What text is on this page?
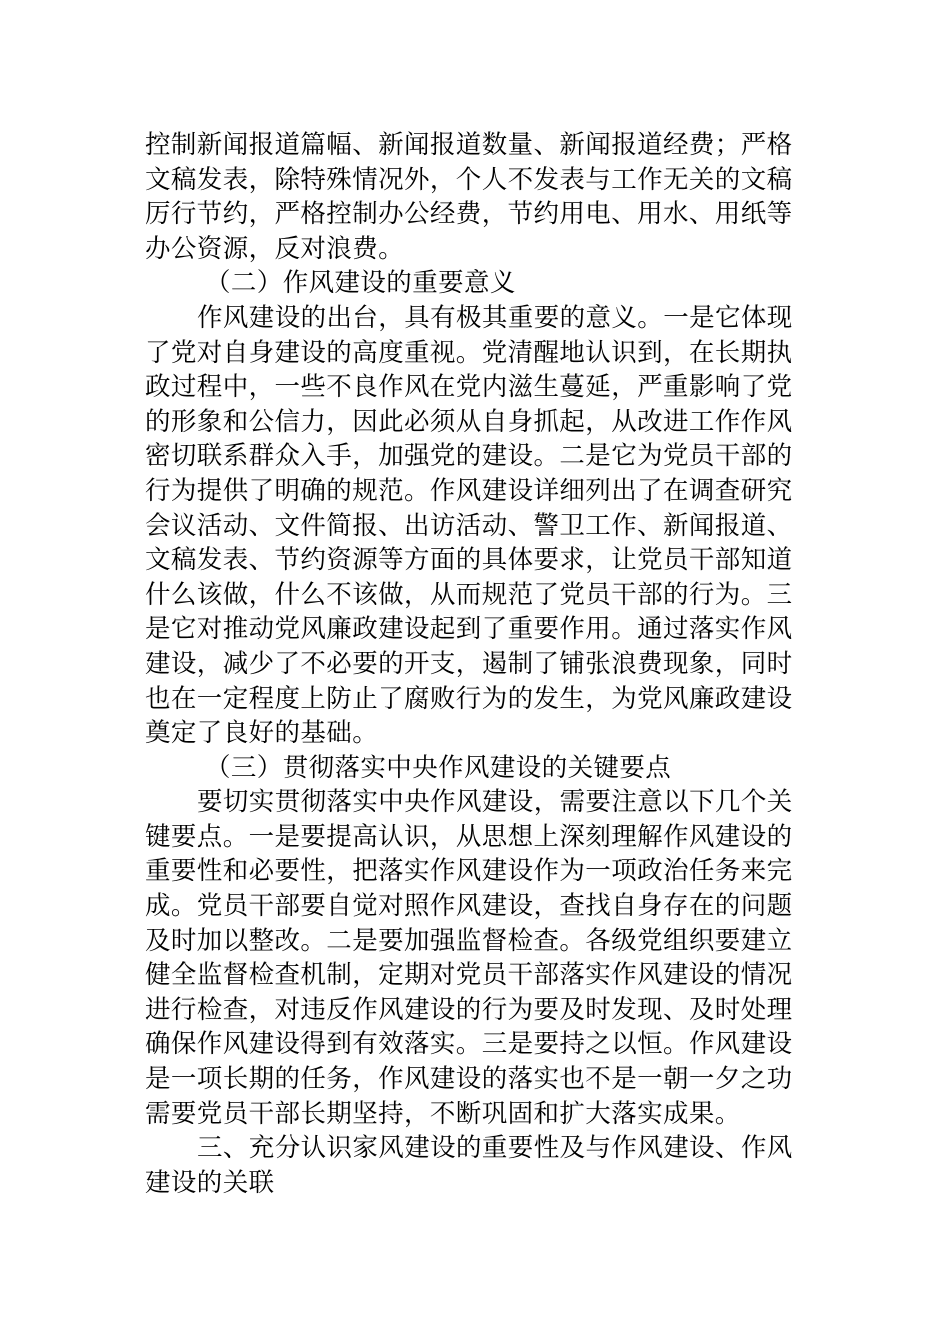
控制新闻报道篇幅、新闻报道数量、新闻报道经费；严格
文稿发表，除特殊情况外，个人不发表与工作无关的文稿
厉行节约，严格控制办公经费，节约用电、用水、用纸等
办公资源，反对浪费。
（二）作风建设的重要意义
作风建设的出台，具有极其重要的意义。一是它体现
了党对自身建设的高度重视。党清醒地认识到，在长期执
政过程中，一些不良作风在党内滋生蔓延，严重影响了党
的形象和公信力，因此必须从自身抓起，从改进工作作风
密切联系群众入手，加强党的建设。二是它为党员干部的
行为提供了明确的规范。作风建设详细列出了在调查研究
会议活动、文件简报、出访活动、警卫工作、新闻报道、
文稿发表、节约资源等方面的具体要求，让党员干部知道
什么该做，什么不该做，从而规范了党员干部的行为。三
是它对推动党风廉政建设起到了重要作用。通过落实作风
建设，减少了不必要的开支，遏制了铺张浪费现象，同时
也在一定程度上防止了腐败行为的发生，为党风廉政建设
奠定了良好的基础。
（三）贯彻落实中央作风建设的关键要点
要切实贯彻落实中央作风建设，需要注意以下几个关
键要点。一是要提高认识，从思想上深刻理解作风建设的
重要性和必要性，把落实作风建设作为一项政治任务来完
成。党员干部要自觉对照作风建设，查找自身存在的问题
及时加以整改。二是要加强监督检查。各级党组织要建立
健全监督检查机制，定期对党员干部落实作风建设的情况
进行检查，对违反作风建设的行为要及时发现、及时处理
确保作风建设得到有效落实。三是要持之以恒。作风建设
是一项长期的任务，作风建设的落实也不是一朝一夕之功
需要党员干部长期坚持，不断巩固和扩大落实成果。
三、充分认识家风建设的重要性及与作风建设、作风
建设的关联
